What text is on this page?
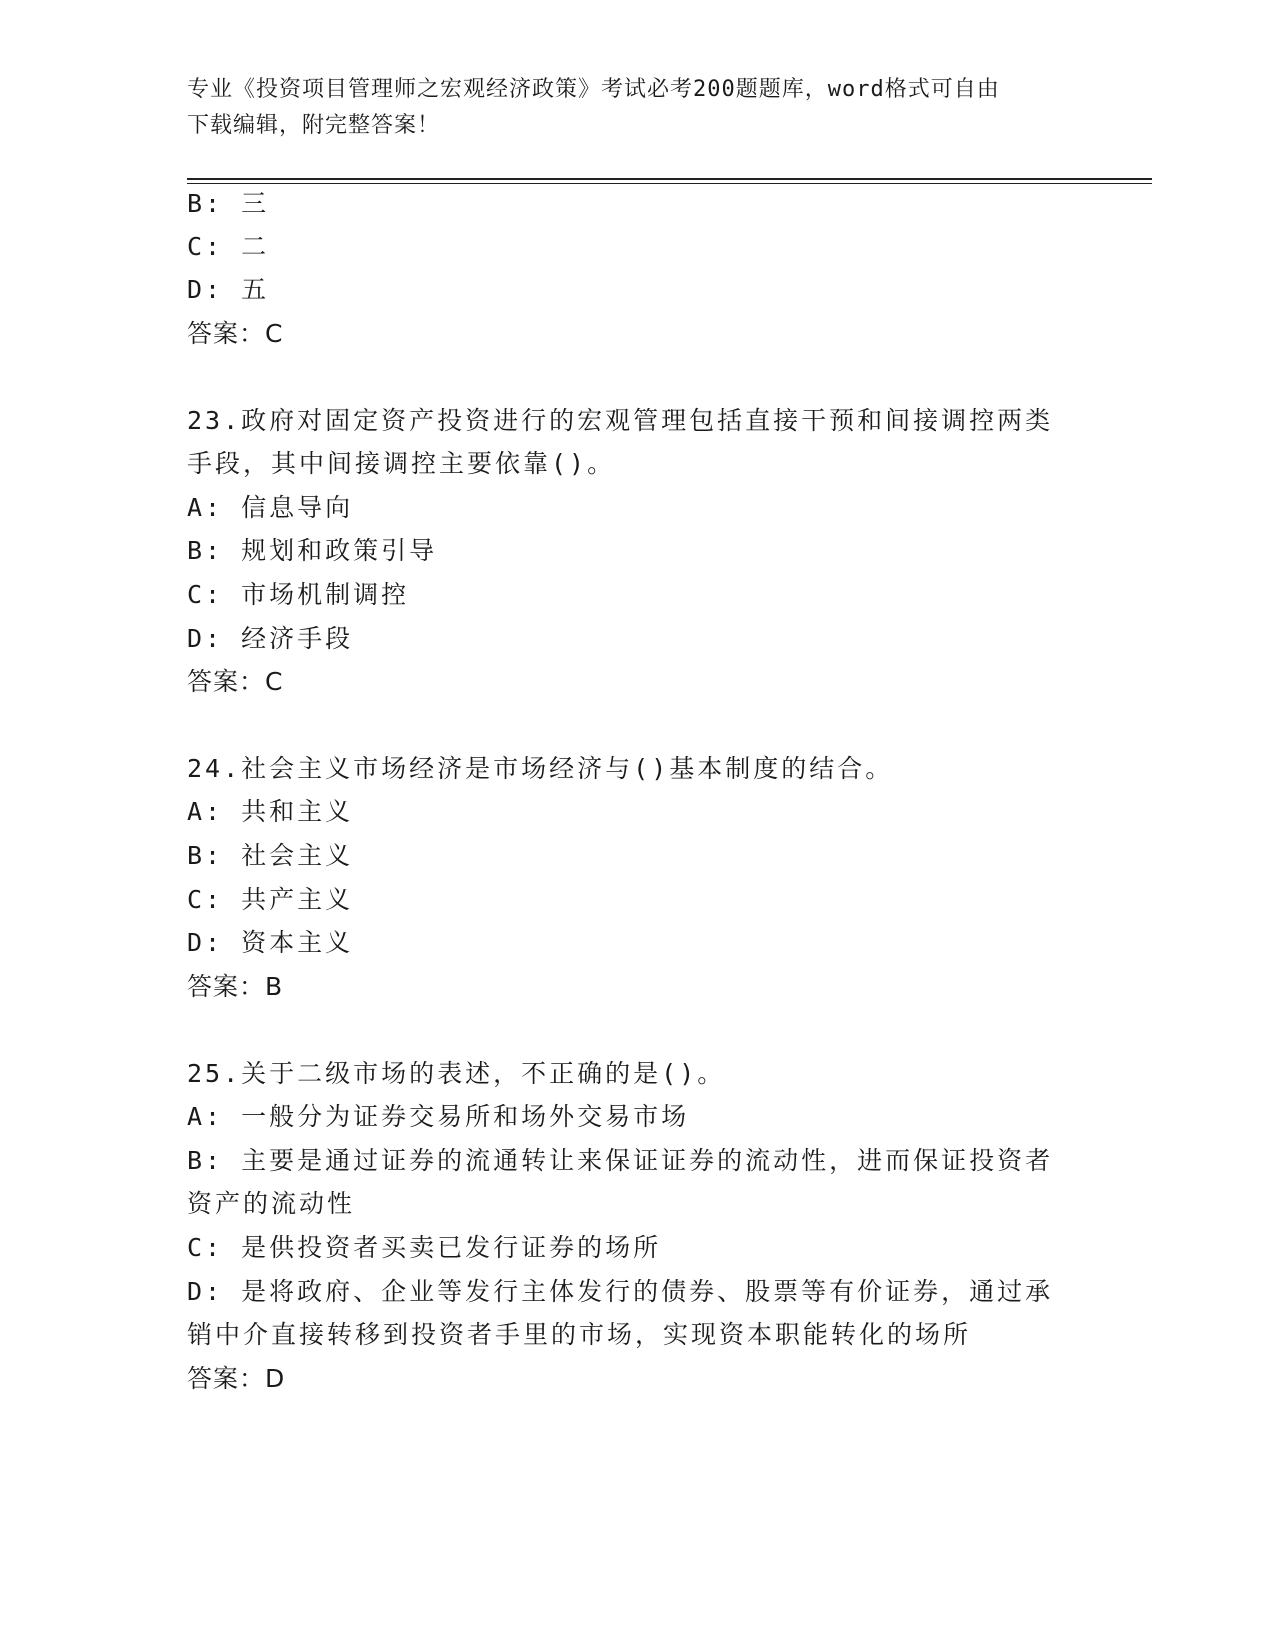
专业《投资项目管理师之宏观经济政策》考试必考200题题库，word格式可自由
下载编辑，附完整答案！
B: 三
C: 二
D: 五
答案：C
23.政府对固定资产投资进行的宏观管理包括直接干预和间接调控两类
手段，其中间接调控主要依靠()。
A: 信息导向
B: 规划和政策引导
C: 市场机制调控
D: 经济手段
答案：C
24.社会主义市场经济是市场经济与()基本制度的结合。
A: 共和主义
B: 社会主义
C: 共产主义
D: 资本主义
答案：B
25.关于二级市场的表述，不正确的是()。
A: 一般分为证券交易所和场外交易市场
B: 主要是通过证券的流通转让来保证证券的流动性，进而保证投资者
资产的流动性
C: 是供投资者买卖已发行证券的场所
D: 是将政府、企业等发行主体发行的债券、股票等有价证券，通过承
销中介直接转移到投资者手里的市场，实现资本职能转化的场所
答案：D
